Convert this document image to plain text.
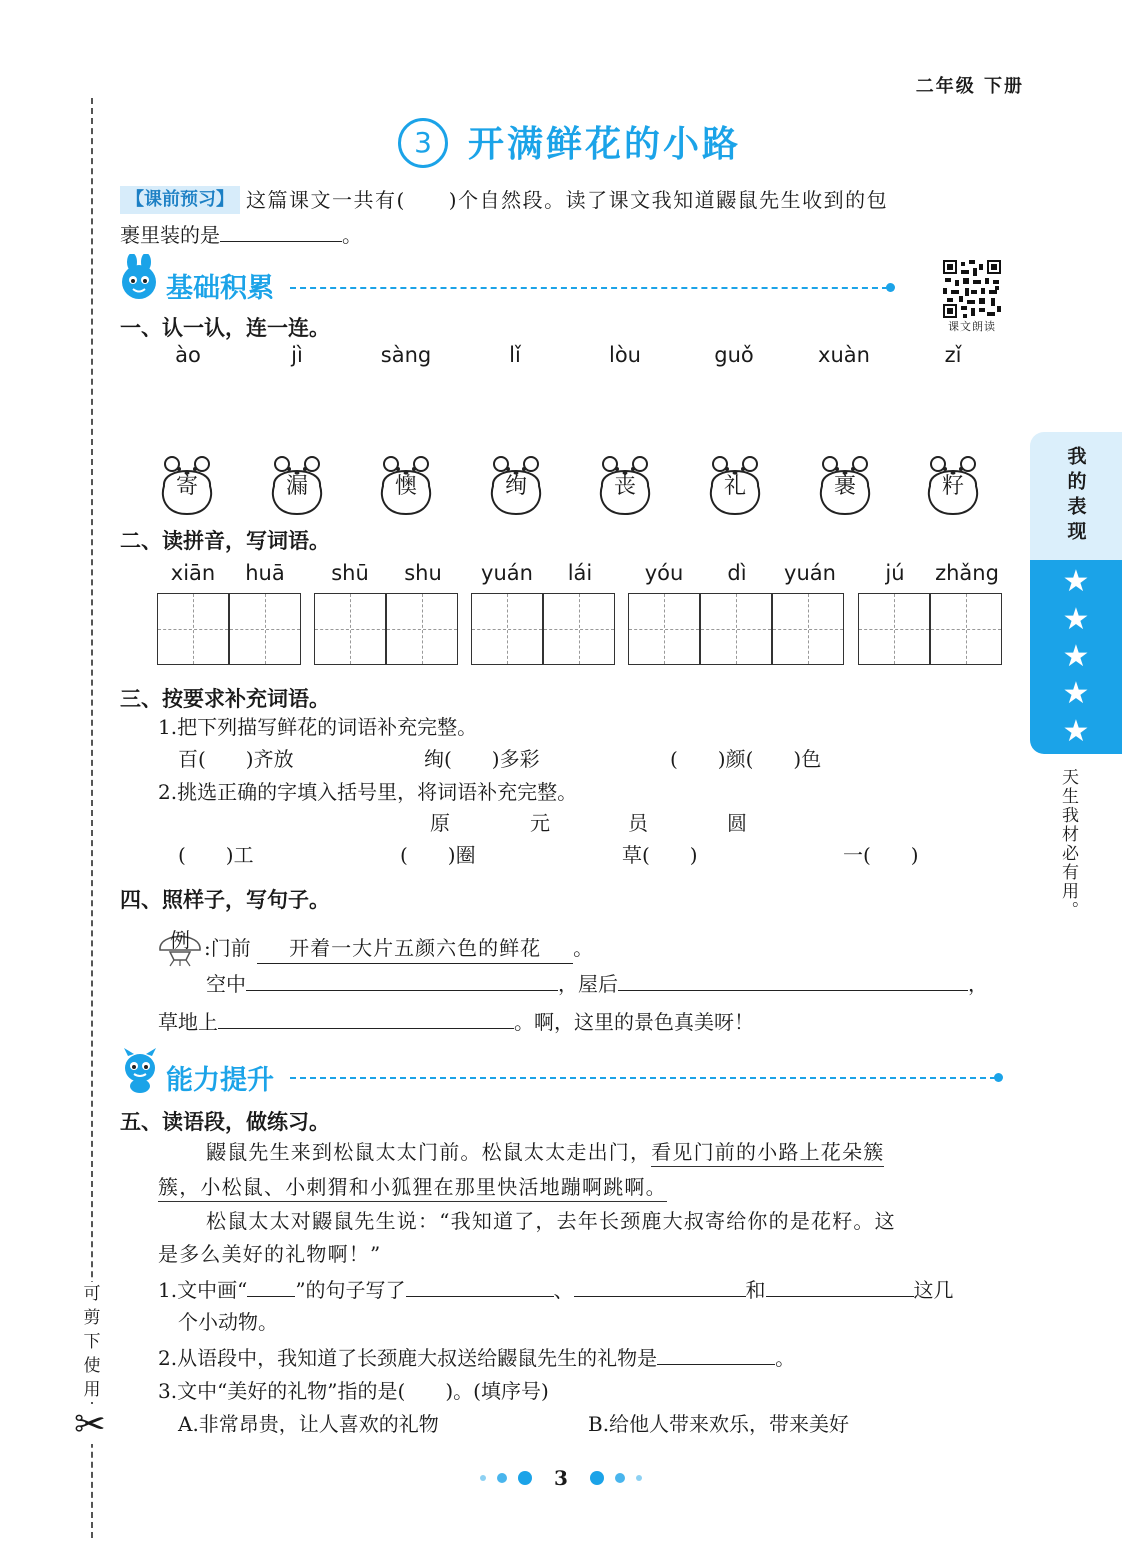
可剪下使用
✂
二年级 下册
3	开满鲜花的小路
【课前预习】 这篇课文一共有(　　)个自然段。读了课文我知道鼹鼠先生收到的包
裹里装的是	。
基础积累
课文朗读
一、认一认，连一连。
ào	jì	sàng	lǐ	lòu	guǒ	xuàn	zǐ
寄	漏	懊	绚	丧	礼	裹	籽
二、读拼音，写词语。
xiān	huā	shū	shu	yuán	lái	yóu	dì	yuán	jú	zhǎng
三、按要求补充词语。
1.把下列描写鲜花的词语补充完整。
百(　　)齐放	绚(　　)多彩	(　　)颜(　　)色
2.挑选正确的字填入括号里，将词语补充完整。
原	元	员	圆
(　　)工	(　　)圈	草(　　)	一(　　)
四、照样子，写句子。
例 :门前 开着一大片五颜六色的鲜花 。
空中	，屋后	，
草地上	。啊，这里的景色真美呀！
能力提升
五、读语段，做练习。
鼹鼠先生来到松鼠太太门前。松鼠太太走出门，看见门前的小路上花朵簇
簇，小松鼠、小刺猬和小狐狸在那里快活地蹦啊跳啊。
松鼠太太对鼹鼠先生说：“我知道了，去年长颈鹿大叔寄给你的是花籽。这
是多么美好的礼物啊！”
1.文中画“ ”的句子写了	、	和	这几
个小动物。
2.从语段中，我知道了长颈鹿大叔送给鼹鼠先生的礼物是	。
3.文中“美好的礼物”指的是(　　)。(填序号)
A.非常昂贵，让人喜欢的礼物	B.给他人带来欢乐，带来美好
我的表现
★
★
★
★
★
天生我材必有用。
3
